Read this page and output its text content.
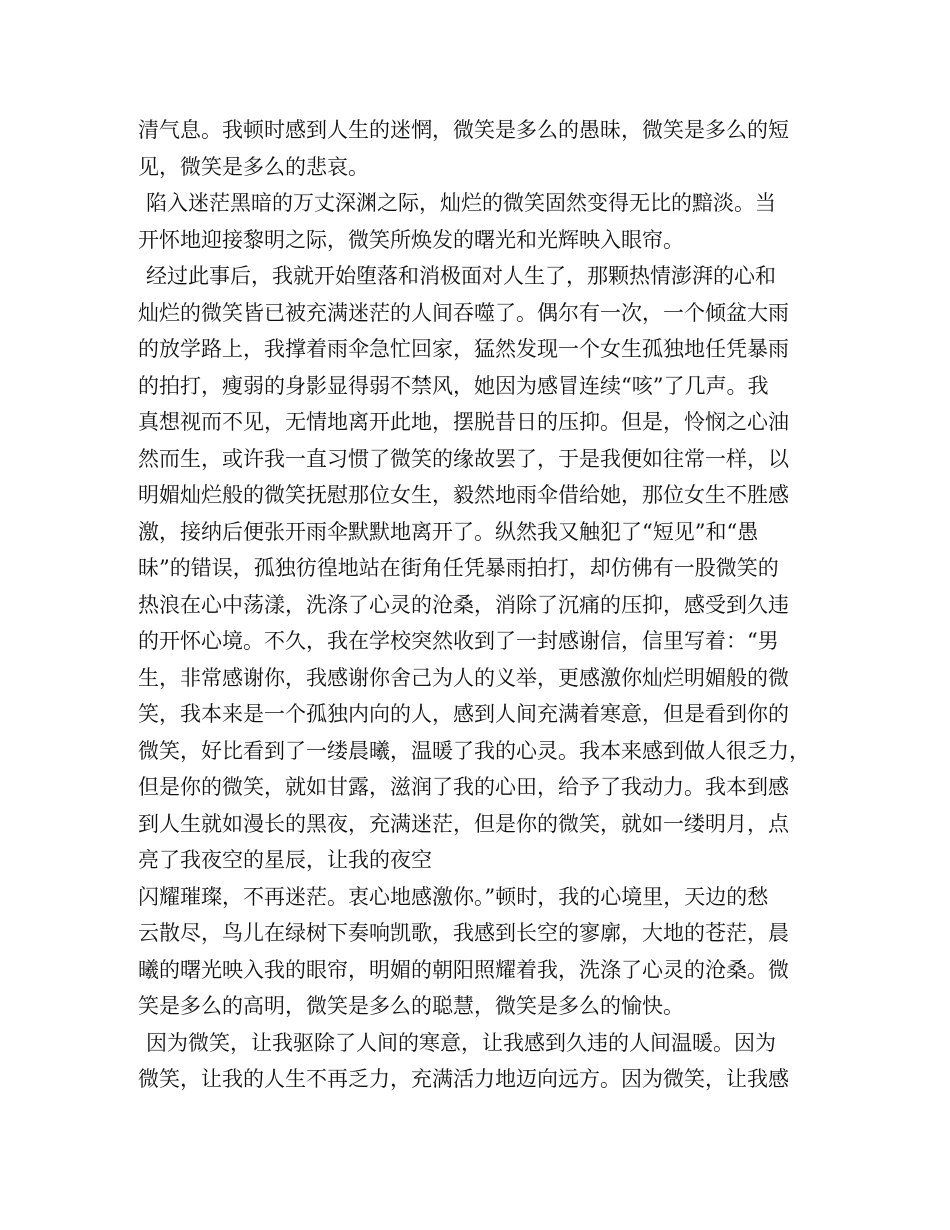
清气息。我顿时感到人生的迷惘，微笑是多么的愚昧，微笑是多么的短
见，微笑是多么的悲哀。
陷入迷茫黑暗的万丈深渊之际，灿烂的微笑固然变得无比的黯淡。当
开怀地迎接黎明之际，微笑所焕发的曙光和光辉映入眼帘。
经过此事后，我就开始堕落和消极面对人生了，那颗热情澎湃的心和
灿烂的微笑皆已被充满迷茫的人间吞噬了。偶尔有一次，一个倾盆大雨
的放学路上，我撑着雨伞急忙回家，猛然发现一个女生孤独地任凭暴雨
的拍打，瘦弱的身影显得弱不禁风，她因为感冒连续“咳”了几声。我
真想视而不见，无情地离开此地，摆脱昔日的压抑。但是，怜悯之心油
然而生，或许我一直习惯了微笑的缘故罢了，于是我便如往常一样，以
明媚灿烂般的微笑抚慰那位女生，毅然地雨伞借给她，那位女生不胜感
激，接纳后便张开雨伞默默地离开了。纵然我又触犯了“短见”和“愚
昧”的错误，孤独彷徨地站在街角任凭暴雨拍打，却仿佛有一股微笑的
热浪在心中荡漾，洗涤了心灵的沧桑，消除了沉痛的压抑，感受到久违
的开怀心境。不久，我在学校突然收到了一封感谢信，信里写着：“男
生，非常感谢你，我感谢你舍己为人的义举，更感激你灿烂明媚般的微
笑，我本来是一个孤独内向的人，感到人间充满着寒意，但是看到你的
微笑，好比看到了一缕晨曦，温暖了我的心灵。我本来感到做人很乏力，
但是你的微笑，就如甘露，滋润了我的心田，给予了我动力。我本到感
到人生就如漫长的黑夜，充满迷茫，但是你的微笑，就如一缕明月，点
亮了我夜空的星辰，让我的夜空
闪耀璀璨，不再迷茫。衷心地感激你。”顿时，我的心境里，天边的愁
云散尽，鸟儿在绿树下奏响凯歌，我感到长空的寥廓，大地的苍茫，晨
曦的曙光映入我的眼帘，明媚的朝阳照耀着我，洗涤了心灵的沧桑。微
笑是多么的高明，微笑是多么的聪慧，微笑是多么的愉快。
因为微笑，让我驱除了人间的寒意，让我感到久违的人间温暖。因为
微笑，让我的人生不再乏力，充满活力地迈向远方。因为微笑，让我感
